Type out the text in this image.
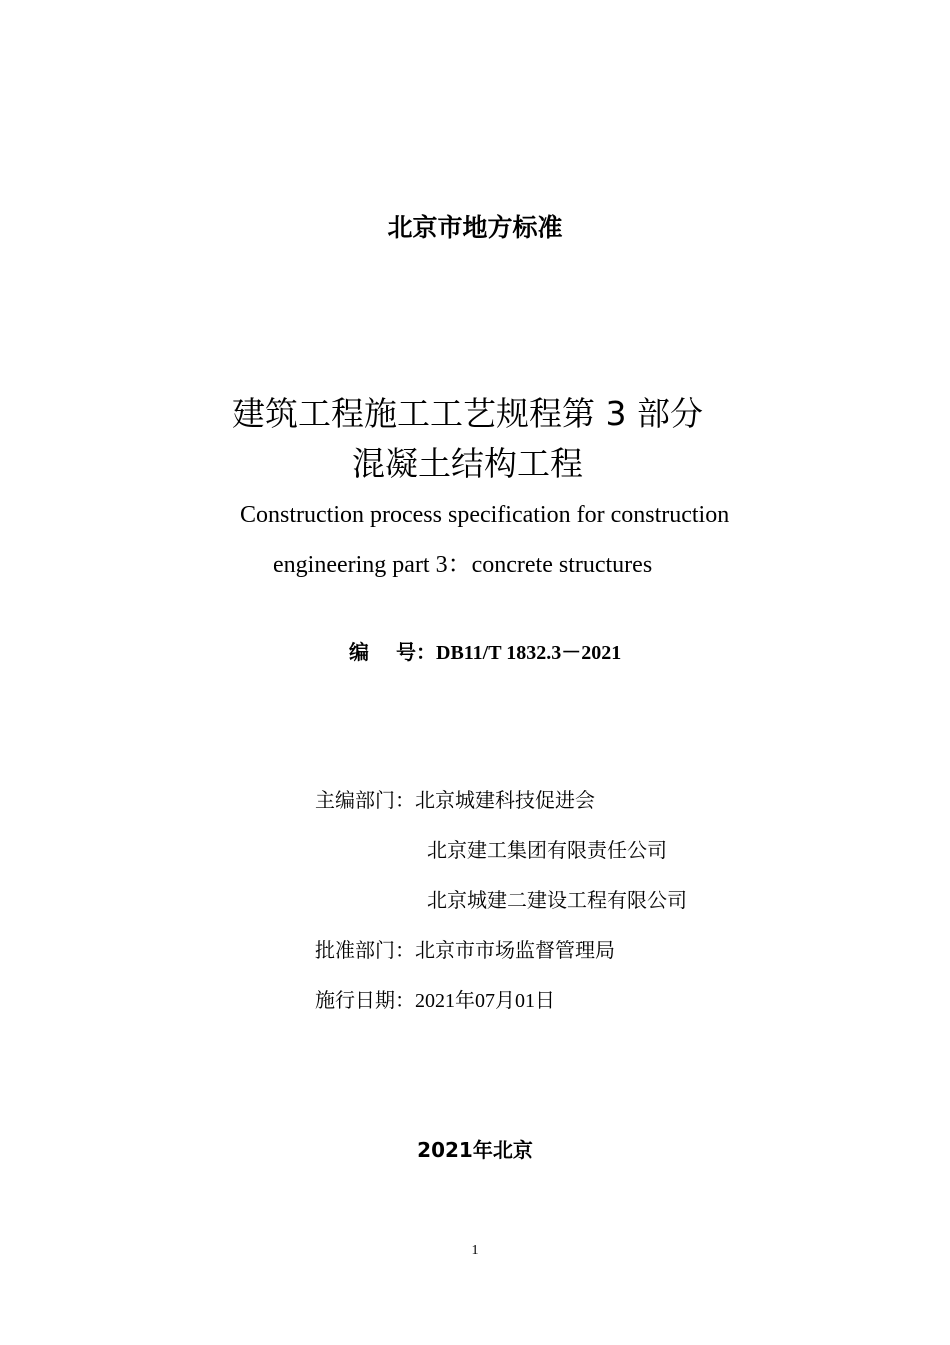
北京市地方标准
建筑工程施工工艺规程第 3 部分
混凝土结构工程
Construction process specification for construction
engineering part 3：concrete structures
编 号：DB11/T 1832.3－2021
主编部门：北京城建科技促进会
北京建工集团有限责任公司
北京城建二建设工程有限公司
批准部门：北京市市场监督管理局
施行日期：2021年07月01日
2021年北京
1
